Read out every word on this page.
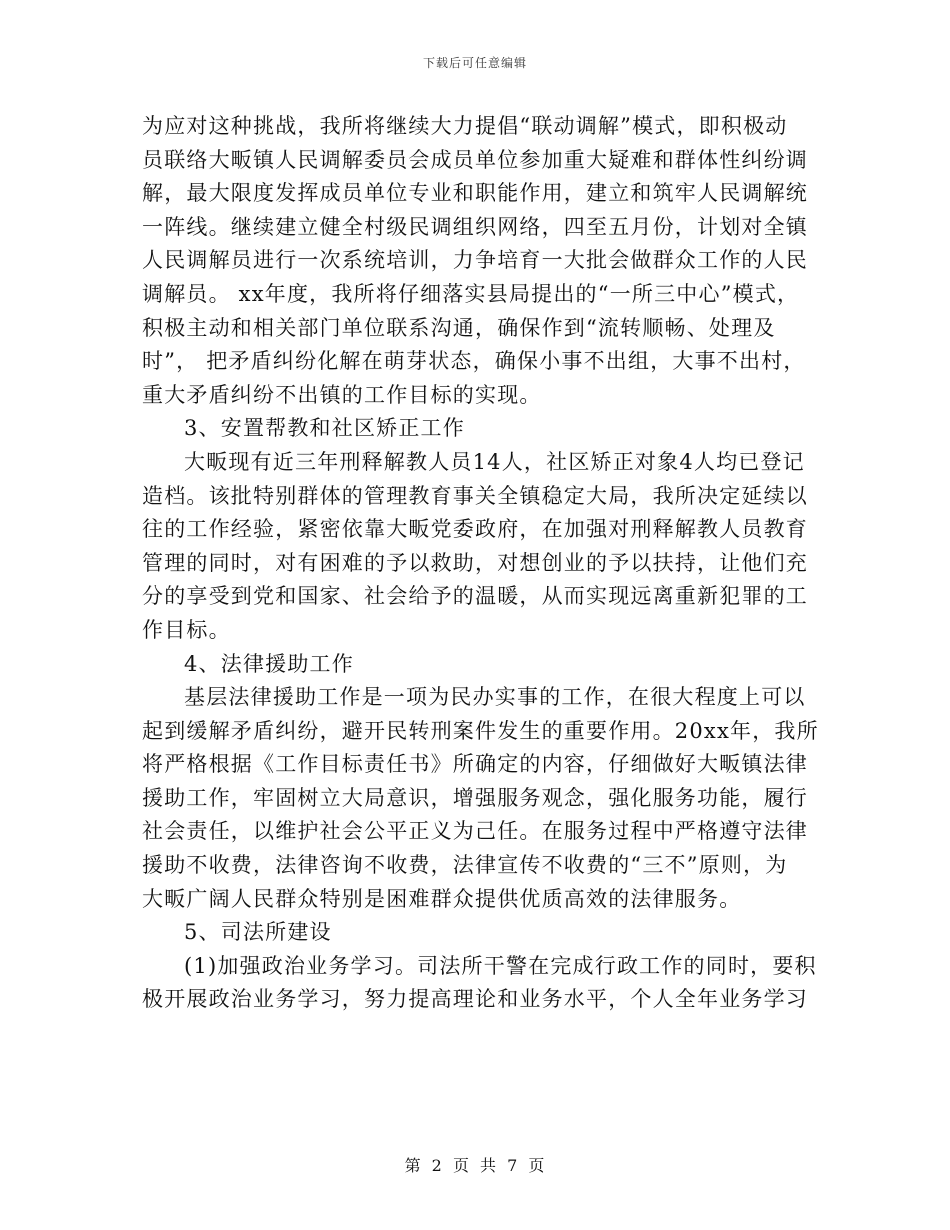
下载后可任意编辑
为应对这种挑战，我所将继续大力提倡“联动调解”模式，即积极动
员联络大畈镇人民调解委员会成员单位参加重大疑难和群体性纠纷调
解，最大限度发挥成员单位专业和职能作用，建立和筑牢人民调解统
一阵线。继续建立健全村级民调组织网络，四至五月份，计划对全镇
人民调解员进行一次系统培训，力争培育一大批会做群众工作的人民
调解员。 xx年度，我所将仔细落实县局提出的“一所三中心”模式，
积极主动和相关部门单位联系沟通，确保作到“流转顺畅、处理及
时”， 把矛盾纠纷化解在萌芽状态，确保小事不出组，大事不出村，
重大矛盾纠纷不出镇的工作目标的实现。
3、安置帮教和社区矫正工作
大畈现有近三年刑释解教人员14人，社区矫正对象4人均已登记
造档。该批特别群体的管理教育事关全镇稳定大局，我所决定延续以
往的工作经验，紧密依靠大畈党委政府，在加强对刑释解教人员教育
管理的同时，对有困难的予以救助，对想创业的予以扶持，让他们充
分的享受到党和国家、社会给予的温暖，从而实现远离重新犯罪的工
作目标。
4、法律援助工作
基层法律援助工作是一项为民办实事的工作，在很大程度上可以
起到缓解矛盾纠纷，避开民转刑案件发生的重要作用。20xx年，我所
将严格根据《工作目标责任书》所确定的内容，仔细做好大畈镇法律
援助工作，牢固树立大局意识，增强服务观念，强化服务功能，履行
社会责任，以维护社会公平正义为己任。在服务过程中严格遵守法律
援助不收费，法律咨询不收费，法律宣传不收费的“三不”原则，为
大畈广阔人民群众特别是困难群众提供优质高效的法律服务。
5、司法所建设
(1)加强政治业务学习。司法所干警在完成行政工作的同时，要积
极开展政治业务学习，努力提高理论和业务水平，个人全年业务学习
第 2 页 共 7 页
